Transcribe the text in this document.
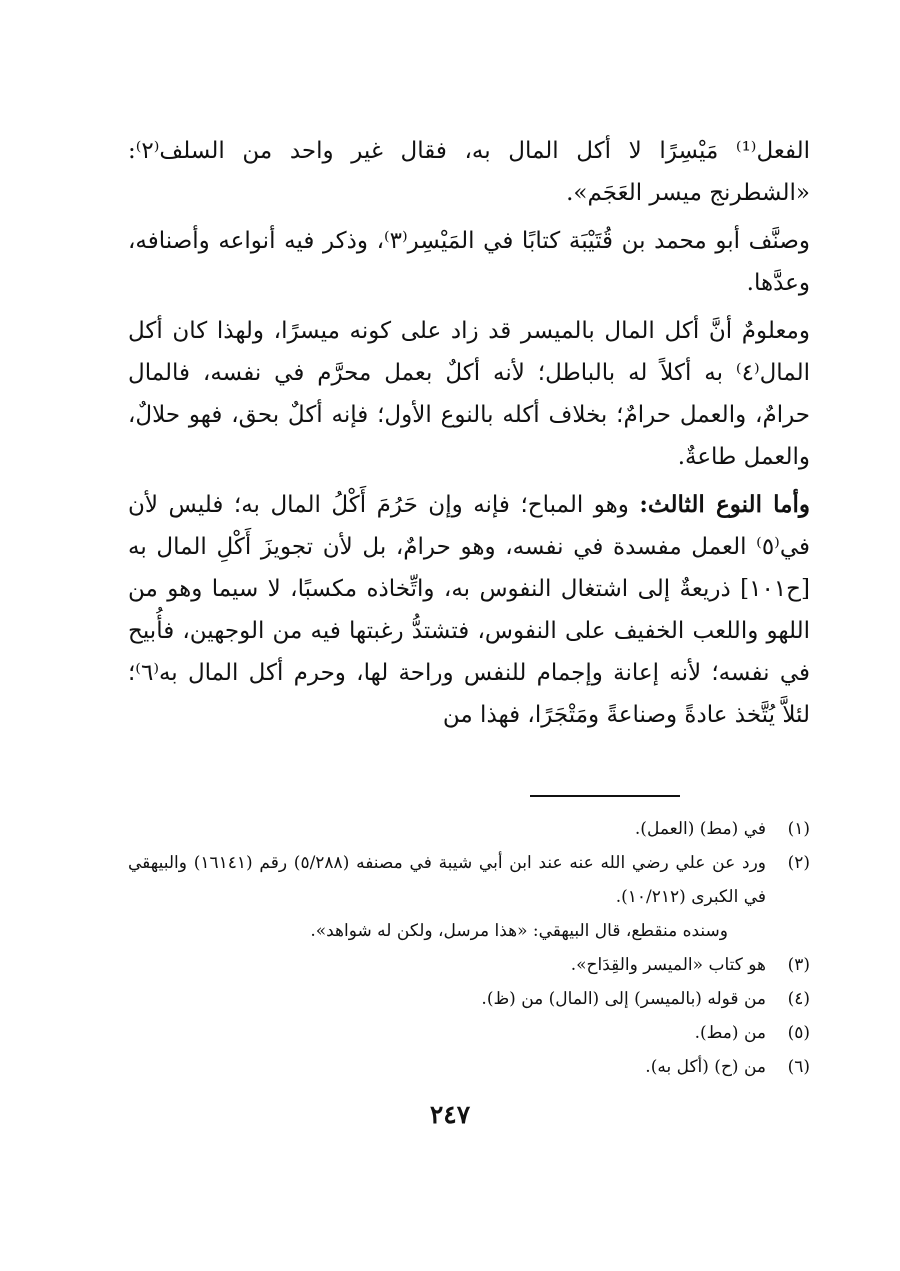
الفعل⁽¹⁾ مَيْسِرًا لا أكل المال به، فقال غير واحد من السلف⁽٢⁾: «الشطرنج ميسر العَجَم».

وصنَّف أبو محمد بن قُتَيْبَة كتابًا في المَيْسِر⁽٣⁾، وذكر فيه أنواعه وأصنافه، وعدَّها.

ومعلومٌ أنَّ أكل المال بالميسر قد زاد على كونه ميسرًا، ولهذا كان أكل المال⁽٤⁾ به أكلاً له بالباطل؛ لأنه أكلٌ بعمل محرَّم في نفسه، فالمال حرامٌ، والعمل حرامٌ؛ بخلاف أكله بالنوع الأول؛ فإنه أكلٌ بحق، فهو حلالٌ، والعمل طاعةٌ.

وأما النوع الثالث: وهو المباح؛ فإنه وإن حَرُمَ أَكْلُ المال به؛ فليس لأن في⁽٥⁾ العمل مفسدة في نفسه، وهو حرامٌ، بل لأن تجويزَ أَكْلِ المال به [ح١٠١] ذريعةٌ إلى اشتغال النفوس به، واتِّخاذه مكسبًا، لا سيما وهو من اللهو واللعب الخفيف على النفوس، فتشتدُّ رغبتها فيه من الوجهين، فأُبيح في نفسه؛ لأنه إعانة وإجمام للنفس وراحة لها، وحرم أكل المال به⁽٦⁾؛ لئلاَّ يُتَّخذ عادةً وصناعةً ومَتْجَرًا، فهذا من

(١)
في (مط) (العمل).
(٢)
ورد عن علي رضي الله عنه عند ابن أبي شيبة في مصنفه (٥/٢٨٨) رقم (١٦١٤١) والبيهقي في الكبرى (١٠/٢١٢).
وسنده منقطع، قال البيهقي: «هذا مرسل، ولكن له شواهد».
(٣)
هو كتاب «الميسر والقِدَاح».
(٤)
من قوله (بالميسر) إلى (المال) من (ظ).
(٥)
من (مط).
(٦)
من (ح) (أكل به).
٢٤٧
